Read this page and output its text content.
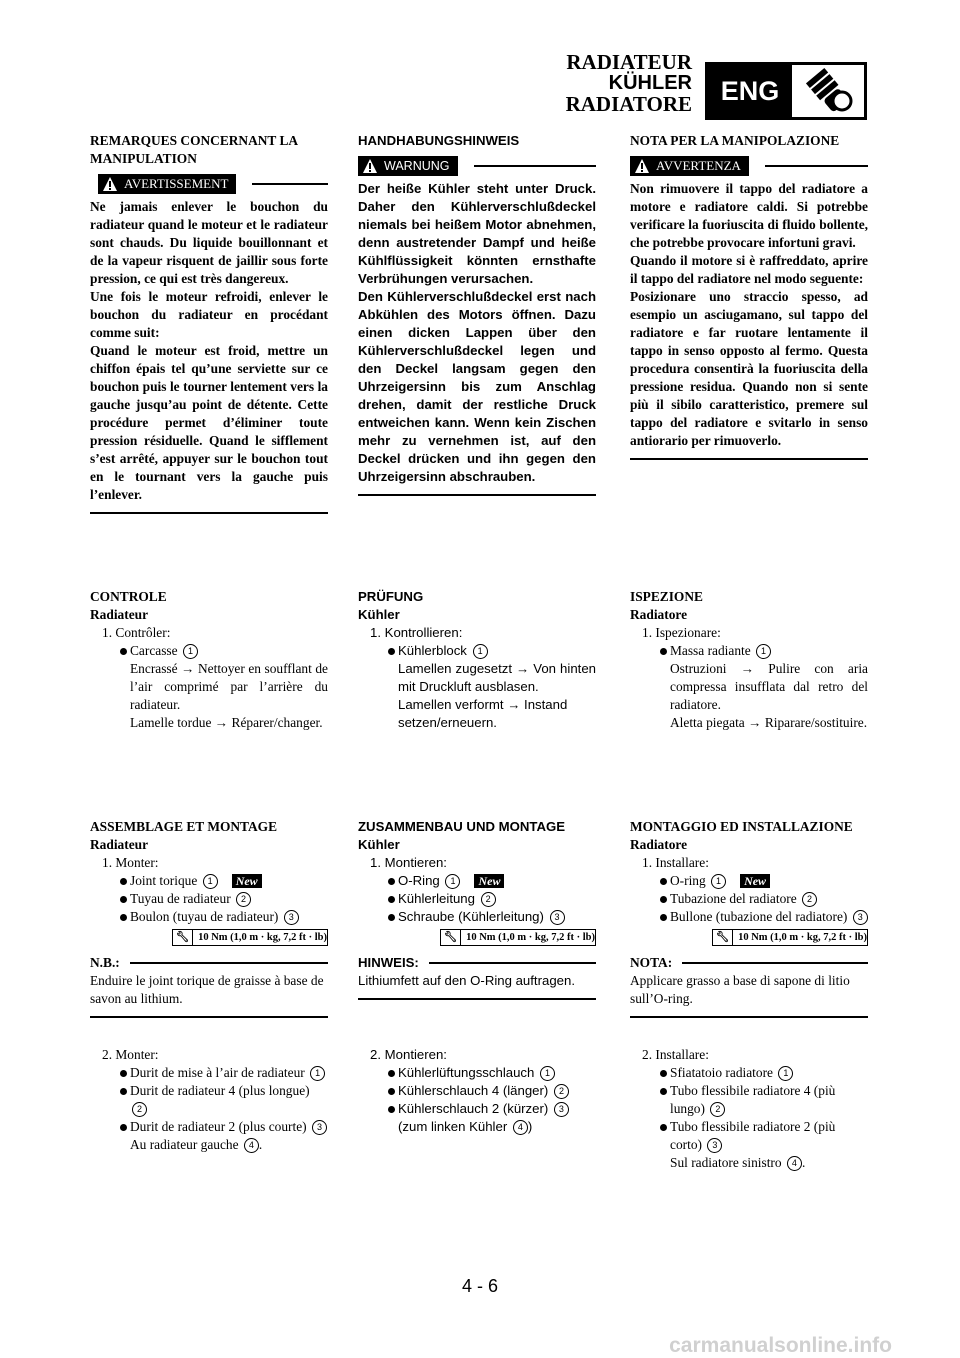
RADIATEUR
KÜHLER
RADIATORE	ENG
REMARQUES CONCERNANT LA MANIPULATION
AVERTISSEMENT
Ne jamais enlever le bouchon du radiateur quand le moteur et le radiateur sont chauds. Du liquide bouillonnant et de la vapeur risquent de jaillir sous forte pression, ce qui est très dangereux.
Une fois le moteur refroidi, enlever le bouchon du radiateur en procédant comme suit:
Quand le moteur est froid, mettre un chiffon épais tel qu’une serviette sur ce bouchon puis le tourner lentement vers la gauche jusqu’au point de détente. Cette procédure permet d’éliminer toute pression résiduelle. Quand le sifflement s’est arrêté, appuyer sur le bouchon tout en le tournant vers la gauche puis l’enlever.
HANDHABUNGSHINWEIS
WARNUNG
Der heiße Kühler steht unter Druck. Daher den Kühlerverschlußdeckel niemals bei heißem Motor abnehmen, denn austretender Dampf und heiße Kühlflüssigkeit könnten ernsthafte Verbrühungen verursachen.
Den Kühlerverschlußdeckel erst nach Abkühlen des Motors öffnen. Dazu einen dicken Lappen über den Kühlerverschlußdeckel legen und den Deckel langsam gegen den Uhrzeigersinn bis zum Anschlag drehen, damit der restliche Druck entweichen kann. Wenn kein Zischen mehr zu vernehmen ist, auf den Deckel drücken und ihn gegen den Uhrzeigersinn abschrauben.
NOTA PER LA MANIPOLAZIONE
AVVERTENZA
Non rimuovere il tappo del radiatore a motore e radiatore caldi. Si potrebbe verificare la fuoriuscita di fluido bollente, che potrebbe provocare infortuni gravi.
Quando il motore si è raffreddato, aprire il tappo del radiatore nel modo seguente:
Posizionare uno straccio spesso, ad esempio un asciugamano, sul tappo del radiatore e far ruotare lentamente il tappo in senso opposto al fermo. Questa procedura consentirà la fuoriuscita della pressione residua. Quando non si sente più il sibilo caratteristico, premere sul tappo del radiatore e svitarlo in senso antiorario per rimuoverlo.
CONTROLE
Radiateur
1. Contrôler:
Carcasse 1
Encrassé → Nettoyer en soufflant de l’air comprimé par l’arrière du radiateur.
Lamelle tordue → Réparer/changer.
PRÜFUNG
Kühler
1. Kontrollieren:
Kühlerblock 1
Lamellen zugesetzt → Von hinten mit Druckluft ausblasen.
Lamellen verformt → Instand setzen/erneuern.
ISPEZIONE
Radiatore
1. Ispezionare:
Massa radiante 1
Ostruzioni → Pulire con aria compressa insufflata dal retro del radiatore.
Aletta piegata → Riparare/sostituire.
ASSEMBLAGE ET MONTAGE
Radiateur
1. Monter:
Joint torique 1 New
Tuyau de radiateur 2
Boulon (tuyau de radiateur) 3
🔧︎ 10 Nm (1,0 m · kg, 7,2 ft · lb)
N.B.:
Enduire le joint torique de graisse à base de savon au lithium.
ZUSAMMENBAU UND MONTAGE
Kühler
1. Montieren:
O-Ring 1 New
Kühlerleitung 2
Schraube (Kühlerleitung) 3
🔧︎ 10 Nm (1,0 m · kg, 7,2 ft · lb)
HINWEIS:
Lithiumfett auf den O-Ring auftragen.
MONTAGGIO ED INSTALLAZIONE
Radiatore
1. Installare:
O-ring 1 New
Tubazione del radiatore 2
Bullone (tubazione del radiatore) 3
🔧︎ 10 Nm (1,0 m · kg, 7,2 ft · lb)
NOTA:
Applicare grasso a base di sapone di litio sull’O-ring.
2. Monter:
Durit de mise à l’air de radiateur 1
Durit de radiateur 4 (plus longue) 2
Durit de radiateur 2 (plus courte) 3
Au radiateur gauche 4 .
2. Montieren:
Kühlerlüftungsschlauch 1
Kühlerschlauch 4 (länger) 2
Kühlerschlauch 2 (kürzer) 3
(zum linken Kühler 4 )
2. Installare:
Sfiatatoio radiatore 1
Tubo flessibile radiatore 4 (più lungo) 2
Tubo flessibile radiatore 2 (più corto) 3
Sul radiatore sinistro 4 .
4 - 6
carmanualsonline.info
